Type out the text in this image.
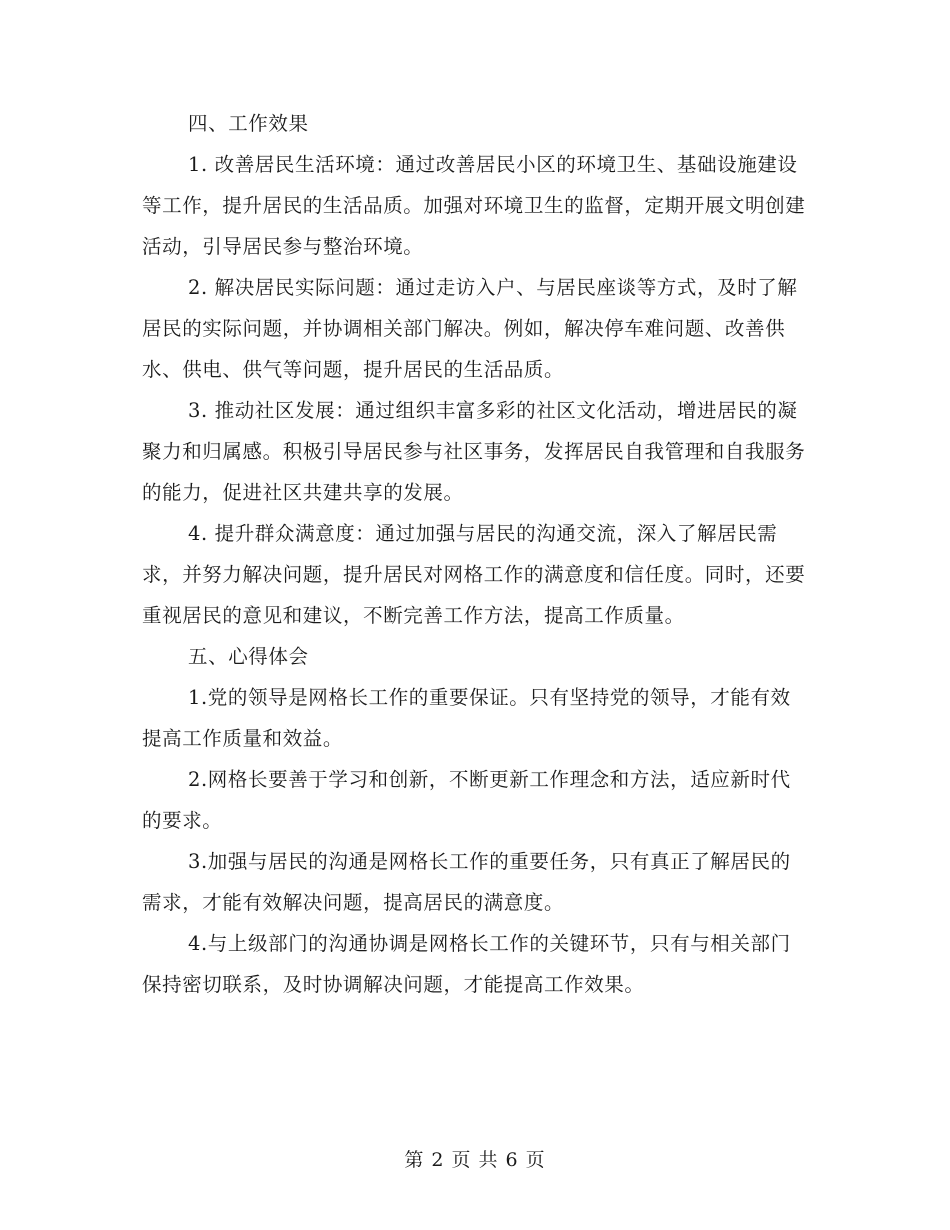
四、工作效果

1. 改善居民生活环境：通过改善居民小区的环境卫生、基础设施建设等工作，提升居民的生活品质。加强对环境卫生的监督，定期开展文明创建活动，引导居民参与整治环境。

2. 解决居民实际问题：通过走访入户、与居民座谈等方式，及时了解居民的实际问题，并协调相关部门解决。例如，解决停车难问题、改善供水、供电、供气等问题，提升居民的生活品质。

3. 推动社区发展：通过组织丰富多彩的社区文化活动，增进居民的凝聚力和归属感。积极引导居民参与社区事务，发挥居民自我管理和自我服务的能力，促进社区共建共享的发展。

4. 提升群众满意度：通过加强与居民的沟通交流，深入了解居民需求，并努力解决问题，提升居民对网格工作的满意度和信任度。同时，还要重视居民的意见和建议，不断完善工作方法，提高工作质量。

五、心得体会

1.党的领导是网格长工作的重要保证。只有坚持党的领导，才能有效提高工作质量和效益。

2.网格长要善于学习和创新，不断更新工作理念和方法，适应新时代的要求。

3.加强与居民的沟通是网格长工作的重要任务，只有真正了解居民的需求，才能有效解决问题，提高居民的满意度。

4.与上级部门的沟通协调是网格长工作的关键环节，只有与相关部门保持密切联系，及时协调解决问题，才能提高工作效果。

第 2 页 共 6 页
